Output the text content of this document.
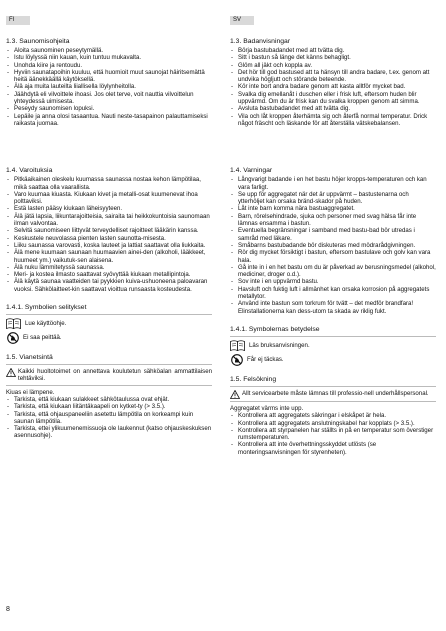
FI	SV
1.3. Saunomisohjeita
- Aloita saunominen peseytymällä.
- Istu löylyssä niin kauan, kuin tuntuu mukavalta.
- Unohda kiire ja rentoudu.
- Hyviin saunatapoihin kuuluu, että huomioit muut saunojat häiritsemättä heitä äänekkäällä käytöksellä.
- Älä aja muita lauteilta liiallisella löylynheitolla.
- Jäähdytä eli vilvoittele ihoasi. Jos olet terve, voit nauttia vilvoittelun yhteydessä uimisesta.
- Peseydy saunomisen lopuksi.
- Lepäile ja anna olosi tasaantua. Nauti neste-tasapainon palauttamiseksi raikasta juomaa.
1.4. Varoituksia
- Pitkäaikainen oleskelu kuumassa saunassa nostaa kehon lämpötilaa, mikä saattaa olla vaarallista.
- Varo kuumaa kiuasta. Kiukaan kivet ja metalli-osat kuumenevat ihoa polttaviksi.
- Estä lasten pääsy kiukaan läheisyyteen.
- Älä jätä lapsia, liikuntarajoitteisia, sairaita tai heikkokuntoisia saunomaan ilman valvontaa.
- Selvitä saunomiseen liittyvät terveydelliset rajoitteet lääkärin kanssa.
- Keskustele neuvolassa pienten lasten saunotta-misesta.
- Liiku saunassa varovasti, koska lauteet ja lattiat saattavat olla liukkaita.
- Älä mene kuumaan saunaan huumaavien ainei-den (alkoholi, lääkkeet, huumeet ym.) vaikutuk-sen alaisena.
- Älä nuku lämmitetyssä saunassa.
- Meri- ja kostea ilmasto saattavat syövyttää kiukaan metallipintoja.
- Älä käytä saunaa vaatteiden tai pyykkien kuiva-ushuoneena paloavaran vuoksi. Sähkölaitteet-kin saattavat vioittua runsaasta kosteudesta.
1.4.1. Symbolien selitykset
Lue käyttöohje.
Ei saa peittää.
1.5. Vianetsintä

Kaikki huoltotoimet on annettava koulutetun sähköalan ammattilaisen tehtäviksi.

Kiuas ei lämpene.

- Tarkista, että kiukaan sulakkeet sähkötaulussa ovat ehjät.
- Tarkista, että kiukaan liitäntäkaapeli on kytket-ty (> 3.5.).
- Tarkista, että ohjauspaneeliin asetettu lämpötila on korkeampi kuin saunan lämpötila.
- Tarkista, ettei ylikuumenemissuoja ole laukennut (katso ohjauskeskuksen asennusohje).
1.3. Badanvisningar
- Börja bastubadandet med att tvätta dig.
- Sitt i bastun så länge det känns behagligt.
- Glöm all jäkt och koppla av.
- Det hör till god bastused att ta hänsyn till andra badare, t.ex. genom att undvika högljutt och störande beteende.
- Kör inte bort andra badare genom att kasta alltför mycket bad.
- Svalka dig emellanåt i duschen eller i frisk luft, eftersom huden blir uppvärmd. Om du är frisk kan du svalka kroppen genom att simma.
- Avsluta bastubadandet med att tvätta dig.
- Vila och låt kroppen återhämta sig och återfå normal temperatur. Drick något fräscht och läskande för att återställa vätskebalansen.
1.4. Varningar
- Långvarigt badande i en het bastu höjer kropps-temperaturen och kan vara farligt.
- Se upp för aggregatet när det är uppvärmt – bastustenarna och ytterhöljet kan orsaka bränd-skador på huden.
- Låt inte barn komma nära bastuaggregatet.
- Barn, rörelsehindrade, sjuka och personer med svag hälsa får inte lämnas ensamma i bastun.
- Eventuella begränsningar i samband med bastu-bad bör utredas i samråd med läkare.
- Småbarns bastubadande bör diskuteras med mödrarådgivningen.
- Rör dig mycket försiktigt i bastun, eftersom bastulave och golv kan vara hala.
- Gå inte in i en het bastu om du är påverkad av berusningsmedel (alkohol, mediciner, droger o.d.).
- Sov inte i en uppvärmd bastu.
- Havsluft och fuktig luft i allmänhet kan orsaka korrosion på aggregatets metallytor.
- Använd inte bastun som torkrum för tvätt – det medför brandfara! Elinstallationerna kan dess-utom ta skada av riklig fukt.
1.4.1. Symbolernas betydelse
Läs bruksanvisningen.
Får ej täckas.
1.5. Felsökning

Allt servicearbete måste lämnas till professio-nell underhållspersonal.

Aggregatet värms inte upp.

- Kontrollera att aggregatets säkringar i elskåpet är hela.
- Kontrollera att aggregatets anslutningskabel har kopplats (> 3.5.).
- Kontrollera att styrpanelen har ställts in på en temperatur som överstiger rumstemperaturen.
- Kontrollera att inte överhettningsskyddet utlösts (se monteringsanvisningen för styrenheten).
8
